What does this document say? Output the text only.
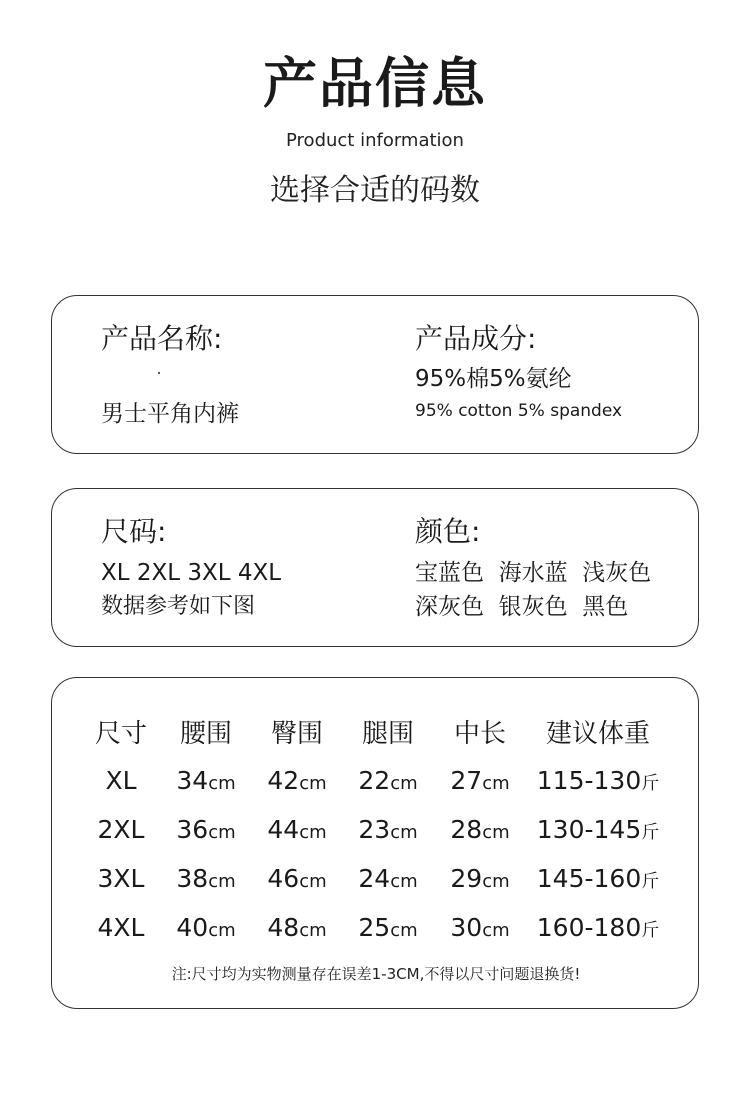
产品信息
Product information
选择合适的码数
产品名称:
男士平角内裤
产品成分:
95%棉5%氨纶
95% cotton 5% spandex
尺码:
XL 2XL 3XL 4XL
数据参考如下图
颜色:
宝蓝色  海水蓝  浅灰色
深灰色  银灰色  黑色
尺寸	腰围	臀围	腿围	中长	建议体重
XL	34cm	42cm	22cm	27cm	115-130斤
2XL	36cm	44cm	23cm	28cm	130-145斤
3XL	38cm	46cm	24cm	29cm	145-160斤
4XL	40cm	48cm	25cm	30cm	160-180斤
注:尺寸均为实物测量存在误差1-3CM,不得以尺寸问题退换货!
